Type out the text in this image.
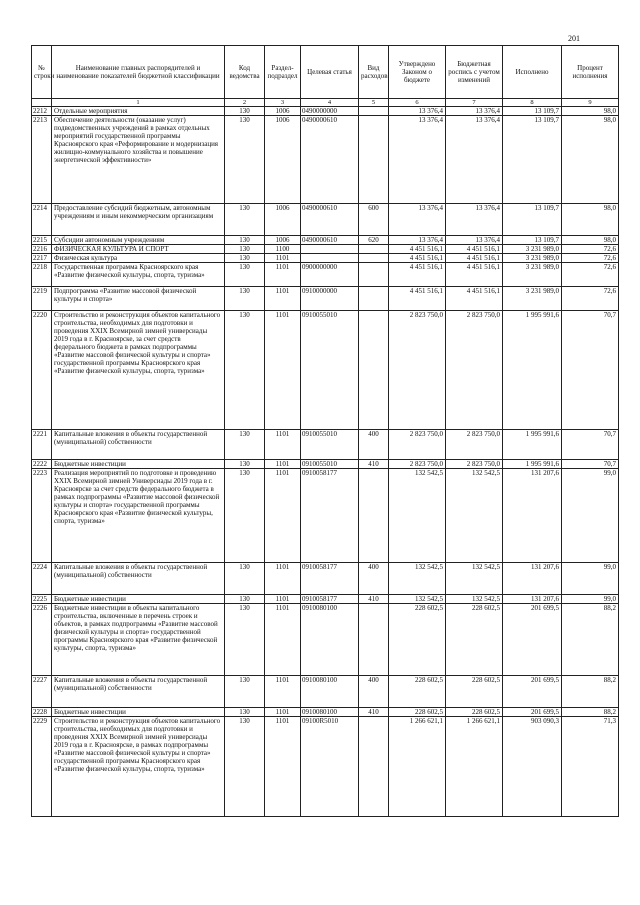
201
№ строки	Наименование главных распорядителей и наименование показателей бюджетной классификации	Код ведомства	Раздел-подраздел	Целевая статья	Вид расходов	Утверждено Законом о бюджете	Бюджетная роспись с учетом изменений	Исполнено	Процент исполнения
	1	2	3	4	5	6	7	8	9
2212	Отдельные мероприятия	130	1006	0490000000		13 376,4	13 376,4	13 109,7	98,0
2213	Обеспечение деятельности (оказание услуг) подведомственных учреждений в рамках отдельных мероприятий государственной программы Красноярского края «Реформирование и модернизация жилищно-коммунального хозяйства и повышение энергетической эффективности»	130	1006	0490000610		13 376,4	13 376,4	13 109,7	98,0
2214	Предоставление субсидий бюджетным, автономным учреждениям и иным некоммерческим организациям	130	1006	0490000610	600	13 376,4	13 376,4	13 109,7	98,0
2215	Субсидии автономным учреждениям	130	1006	0490000610	620	13 376,4	13 376,4	13 109,7	98,0
2216	ФИЗИЧЕСКАЯ КУЛЬТУРА И СПОРТ	130	1100			4 451 516,1	4 451 516,1	3 231 989,0	72,6
2217	Физическая культура	130	1101			4 451 516,1	4 451 516,1	3 231 989,0	72,6
2218	Государственная программа Красноярского края «Развитие физической культуры, спорта, туризма»	130	1101	0900000000		4 451 516,1	4 451 516,1	3 231 989,0	72,6
2219	Подпрограмма «Развитие массовой физической культуры и спорта»	130	1101	0910000000		4 451 516,1	4 451 516,1	3 231 989,0	72,6
2220	Строительство и реконструкция объектов капитального строительства, необходимых для подготовки и проведения XXIX Всемирной зимней универсиады 2019 года в г. Красноярске, за счет средств федерального бюджета в рамках подпрограммы «Развитие массовой физической культуры и спорта» государственной программы Красноярского края «Развитие физической культуры, спорта, туризма»	130	1101	0910055010		2 823 750,0	2 823 750,0	1 995 991,6	70,7
2221	Капитальные вложения в объекты государственной (муниципальной) собственности	130	1101	0910055010	400	2 823 750,0	2 823 750,0	1 995 991,6	70,7
2222	Бюджетные инвестиции	130	1101	0910055010	410	2 823 750,0	2 823 750,0	1 995 991,6	70,7
2223	Реализация мероприятий по подготовке и проведению XXIX Всемирной зимней Универсиады 2019 года в г. Красноярске за счет средств федерального бюджета в рамках подпрограммы «Развитие массовой физической культуры и спорта» государственной программы Красноярского края «Развитие физической культуры, спорта, туризма»	130	1101	0910058177		132 542,5	132 542,5	131 207,6	99,0
2224	Капитальные вложения в объекты государственной (муниципальной) собственности	130	1101	0910058177	400	132 542,5	132 542,5	131 207,6	99,0
2225	Бюджетные инвестиции	130	1101	0910058177	410	132 542,5	132 542,5	131 207,6	99,0
2226	Бюджетные инвестиции в объекты капитального строительства, включенные в перечень строек и объектов, в рамках подпрограммы «Развитие массовой физической культуры и спорта» государственной программы Красноярского края «Развитие физической культуры, спорта, туризма»	130	1101	0910080100		228 602,5	228 602,5	201 699,5	88,2
2227	Капитальные вложения в объекты государственной (муниципальной) собственности	130	1101	0910080100	400	228 602,5	228 602,5	201 699,5	88,2
2228	Бюджетные инвестиции	130	1101	0910080100	410	228 602,5	228 602,5	201 699,5	88,2
2229	Строительство и реконструкция объектов капитального строительства, необходимых для подготовки и проведения XXIX Всемирной зимней универсиады 2019 года в г. Красноярске, в рамках подпрограммы «Развитие массовой физической культуры и спорта» государственной программы Красноярского края «Развитие физической культуры, спорта, туризма»	130	1101	09100R5010		1 266 621,1	1 266 621,1	903 090,3	71,3
